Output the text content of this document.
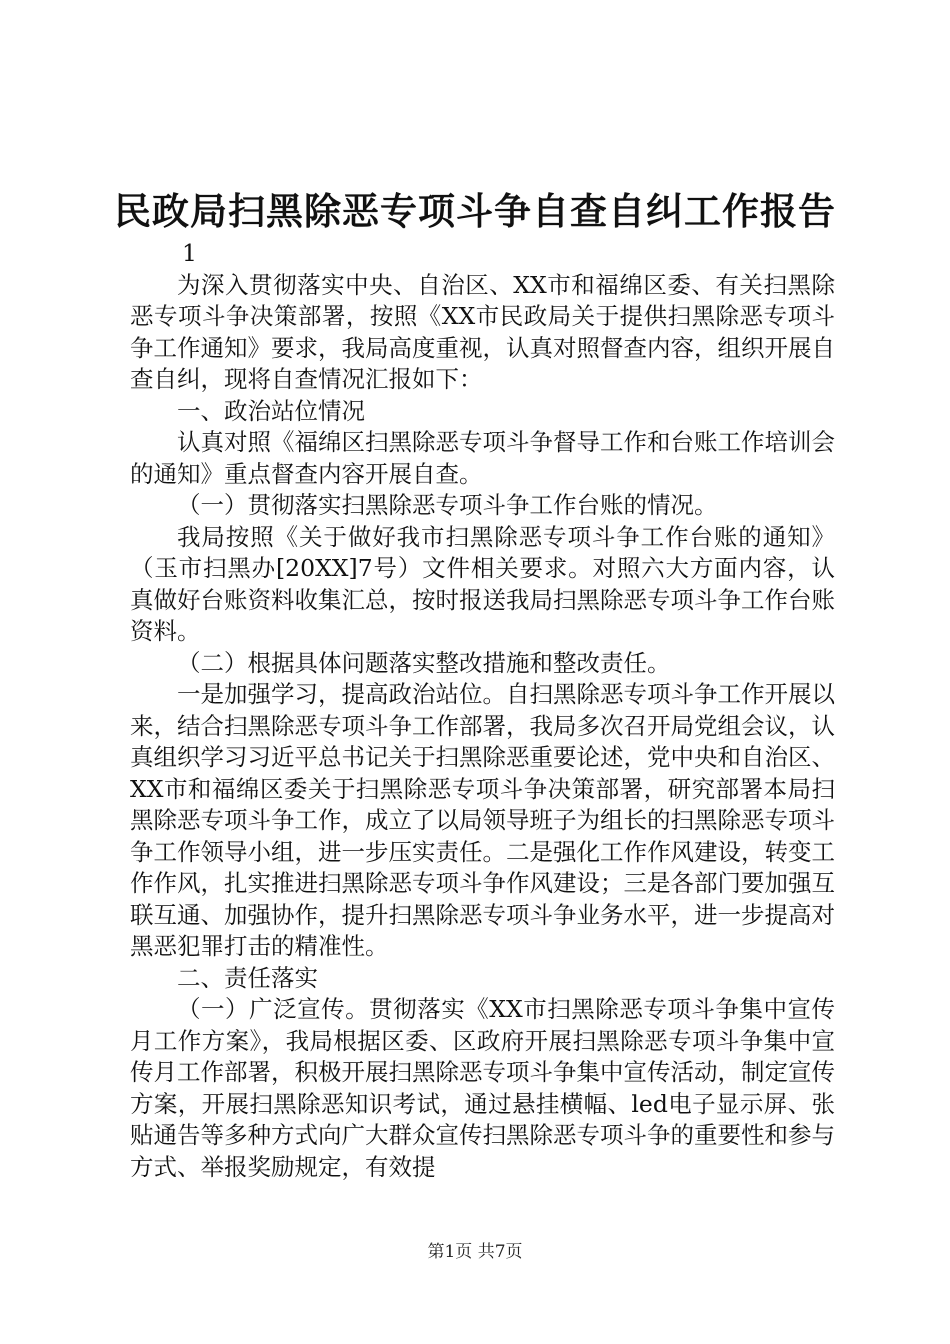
民政局扫黑除恶专项斗争自查自纠工作报告

1

为深入贯彻落实中央、自治区、XX市和福绵区委、有关扫黑除恶专项斗争决策部署，按照《XX市民政局关于提供扫黑除恶专项斗争工作通知》要求，我局高度重视，认真对照督查内容，组织开展自查自纠，现将自查情况汇报如下：

一、政治站位情况

认真对照《福绵区扫黑除恶专项斗争督导工作和台账工作培训会的通知》重点督查内容开展自查。

（一）贯彻落实扫黑除恶专项斗争工作台账的情况。

我局按照《关于做好我市扫黑除恶专项斗争工作台账的通知》（玉市扫黑办[20XX]7号）文件相关要求。对照六大方面内容，认真做好台账资料收集汇总，按时报送我局扫黑除恶专项斗争工作台账资料。

（二）根据具体问题落实整改措施和整改责任。

一是加强学习，提高政治站位。自扫黑除恶专项斗争工作开展以来，结合扫黑除恶专项斗争工作部署，我局多次召开局党组会议，认真组织学习习近平总书记关于扫黑除恶重要论述，党中央和自治区、XX市和福绵区委关于扫黑除恶专项斗争决策部署，研究部署本局扫黑除恶专项斗争工作，成立了以局领导班子为组长的扫黑除恶专项斗争工作领导小组，进一步压实责任。二是强化工作作风建设，转变工作作风，扎实推进扫黑除恶专项斗争作风建设；三是各部门要加强互联互通、加强协作，提升扫黑除恶专项斗争业务水平，进一步提高对黑恶犯罪打击的精准性。

二、责任落实

（一）广泛宣传。贯彻落实《XX市扫黑除恶专项斗争集中宣传月工作方案》，我局根据区委、区政府开展扫黑除恶专项斗争集中宣传月工作部署，积极开展扫黑除恶专项斗争集中宣传活动，制定宣传方案，开展扫黑除恶知识考试，通过悬挂横幅、led电子显示屏、张贴通告等多种方式向广大群众宣传扫黑除恶专项斗争的重要性和参与方式、举报奖励规定，有效提

第1页 共7页
